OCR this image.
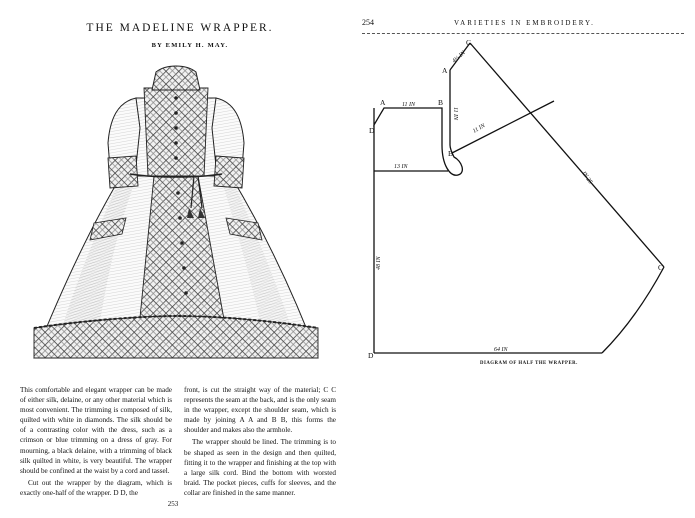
THE MADELINE WRAPPER.
BY EMILY H. MAY.

This comfortable and elegant wrapper can be made of either silk, delaine, or any other material which is most convenient. The trimming is composed of silk, quilted with white in diamonds. The silk should be of a contrasting color with the dress, such as a crimson or blue trimming on a dress of gray. For mourning, a black delaine, with a trimming of black silk quilted in white, is very beautiful. The wrapper should be confined at the waist by a cord and tassel.

Cut out the wrapper by the diagram, which is exactly one-half of the wrapper. D D, the

front, is cut the straight way of the material; C C represents the seam at the back, and is the only seam in the wrapper, except the shoulder seam, which is made by joining A A and B B, this forms the shoulder and makes also the armhole.

The wrapper should be lined. The trimming is to be shaped as seen in the design and then quilted, fitting it to the wrapper and finishing at the top with a large silk cord. Bind the bottom with worsted braid. The pocket pieces, cuffs for sleeves, and the collar are finished in the same manner.

253
254	VARIETIES IN EMBROIDERY.
A	B
D
D
A
B
C
C
11 IN
13 IN
64 IN
48 IN
4½ IN
11 IN
11 IN
IN 25
DIAGRAM OF HALF THE WRAPPER.
